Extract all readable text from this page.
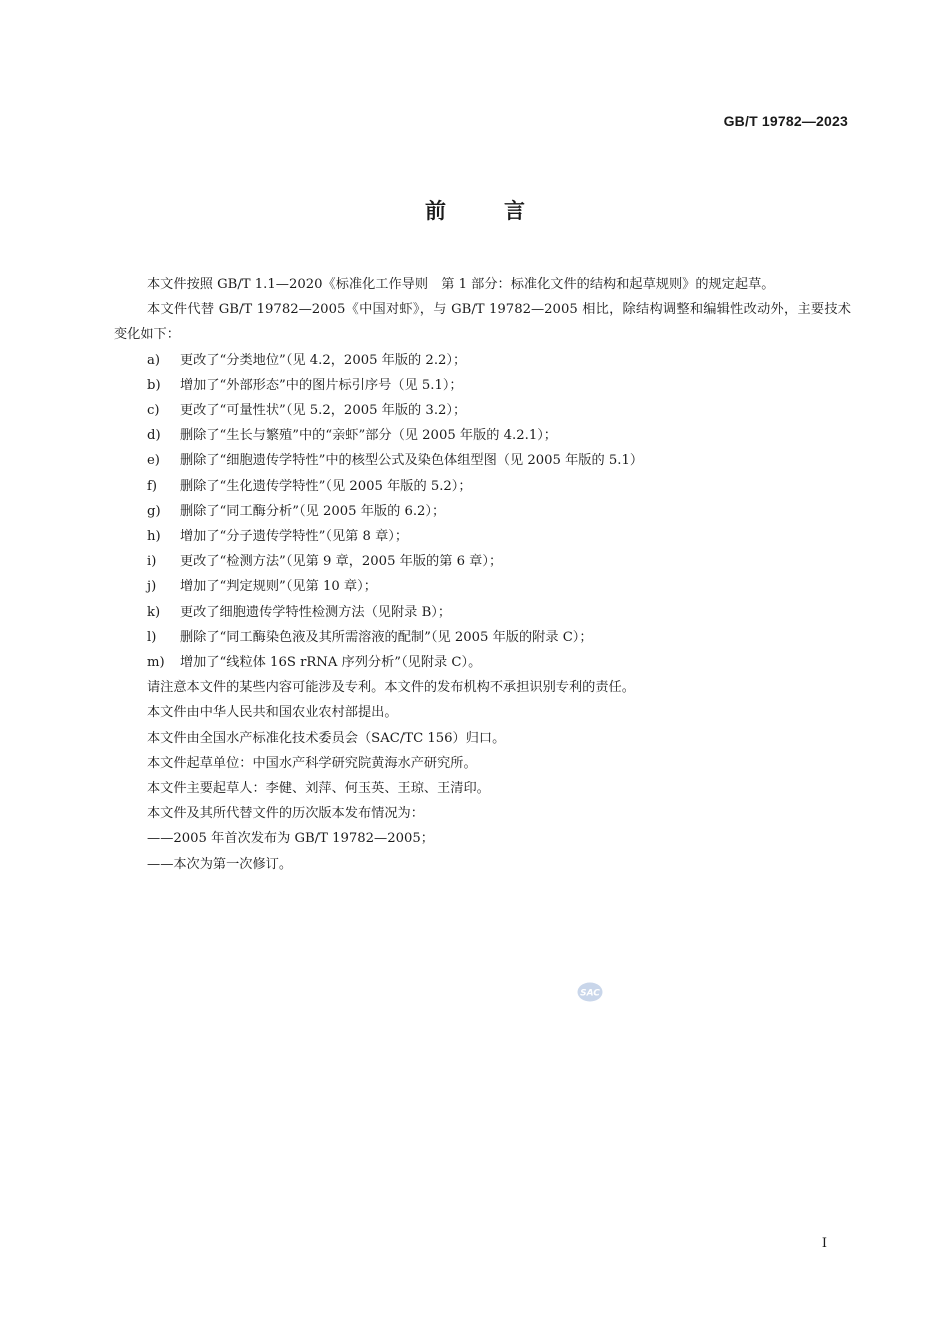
GB/T 19782—2023
前言

本文件按照 GB/T 1.1—2020《标准化工作导则　第 1 部分：标准化文件的结构和起草规则》的规定起草。

本文件代替 GB/T 19782—2005《中国对虾》，与 GB/T 19782—2005 相比，除结构调整和编辑性改动外，主要技术变化如下：

a)	更改了“分类地位”（见 4.2，2005 年版的 2.2）；

b)	增加了“外部形态”中的图片标引序号（见 5.1）；

c)	更改了“可量性状”（见 5.2，2005 年版的 3.2）；

d)	删除了“生长与繁殖”中的“亲虾”部分（见 2005 年版的 4.2.1）；

e)	删除了“细胞遗传学特性”中的核型公式及染色体组型图（见 2005 年版的 5.1）

f)	删除了“生化遗传学特性”（见 2005 年版的 5.2）；

g)	删除了“同工酶分析”（见 2005 年版的 6.2）；

h)	增加了“分子遗传学特性”（见第 8 章）；

i)	更改了“检测方法”（见第 9 章，2005 年版的第 6 章）；

j)	增加了“判定规则”（见第 10 章）；

k)	更改了细胞遗传学特性检测方法（见附录 B）；

l)	删除了“同工酶染色液及其所需溶液的配制”（见 2005 年版的附录 C）；

m)	增加了“线粒体 16S rRNA 序列分析”（见附录 C）。

请注意本文件的某些内容可能涉及专利。本文件的发布机构不承担识别专利的责任。

本文件由中华人民共和国农业农村部提出。

本文件由全国水产标准化技术委员会（SAC/TC 156）归口。

本文件起草单位：中国水产科学研究院黄海水产研究所。

本文件主要起草人：李健、刘萍、何玉英、王琼、王清印。

本文件及其所代替文件的历次版本发布情况为：

——2005 年首次发布为 GB/T 19782—2005；

——本次为第一次修订。

SAC
I
